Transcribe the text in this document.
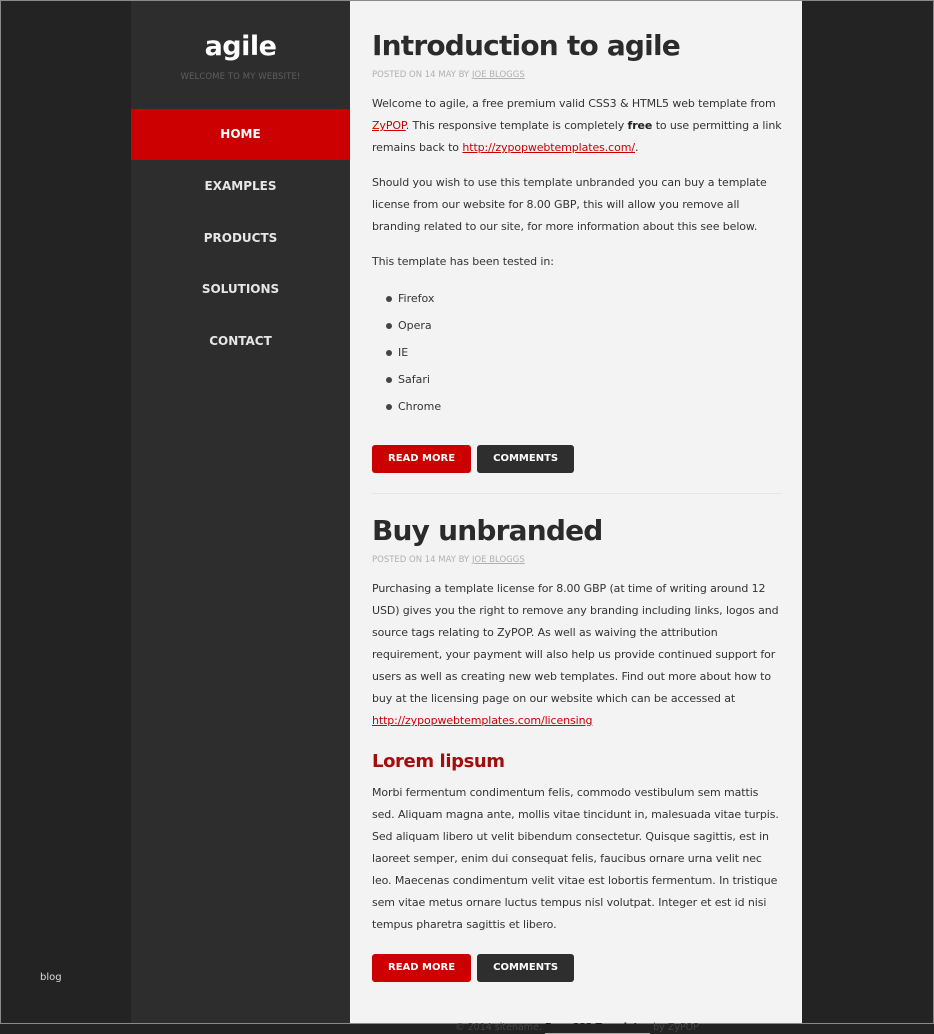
agile
WELCOME TO MY WEBSITE!
HOME
EXAMPLES
PRODUCTS
SOLUTIONS
CONTACT
blog
Introduction to agile
POSTED ON 14 MAY BY JOE BLOGGS

Welcome to agile, a free premium valid CSS3 & HTML5 web template from ZyPOP. This responsive template is completely free to use permitting a link remains back to http://zypopwebtemplates.com/.

Should you wish to use this template unbranded you can buy a template license from our website for 8.00 GBP, this will allow you remove all branding related to our site, for more information about this see below.

This template has been tested in:

Firefox
Opera
IE
Safari
Chrome
READ MORE	COMMENTS
Buy unbranded
POSTED ON 14 MAY BY JOE BLOGGS

Purchasing a template license for 8.00 GBP (at time of writing around 12 USD) gives you the right to remove any branding including links, logos and source tags relating to ZyPOP. As well as waiving the attribution requirement, your payment will also help us provide continued support for users as well as creating new web templates. Find out more about how to buy at the licensing page on our website which can be accessed at http://zypopwebtemplates.com/licensing

Lorem lipsum

Morbi fermentum condimentum felis, commodo vestibulum sem mattis sed. Aliquam magna ante, mollis vitae tincidunt in, malesuada vitae turpis. Sed aliquam libero ut velit bibendum consectetur. Quisque sagittis, est in laoreet semper, enim dui consequat felis, faucibus ornare urna velit nec leo. Maecenas condimentum velit vitae est lobortis fermentum. In tristique sem vitae metus ornare luctus tempus nisl volutpat. Integer et est id nisi tempus pharetra sagittis et libero.

READ MORE	COMMENTS
© 2014 sitename. Free CSS Templates by ZyPOP
